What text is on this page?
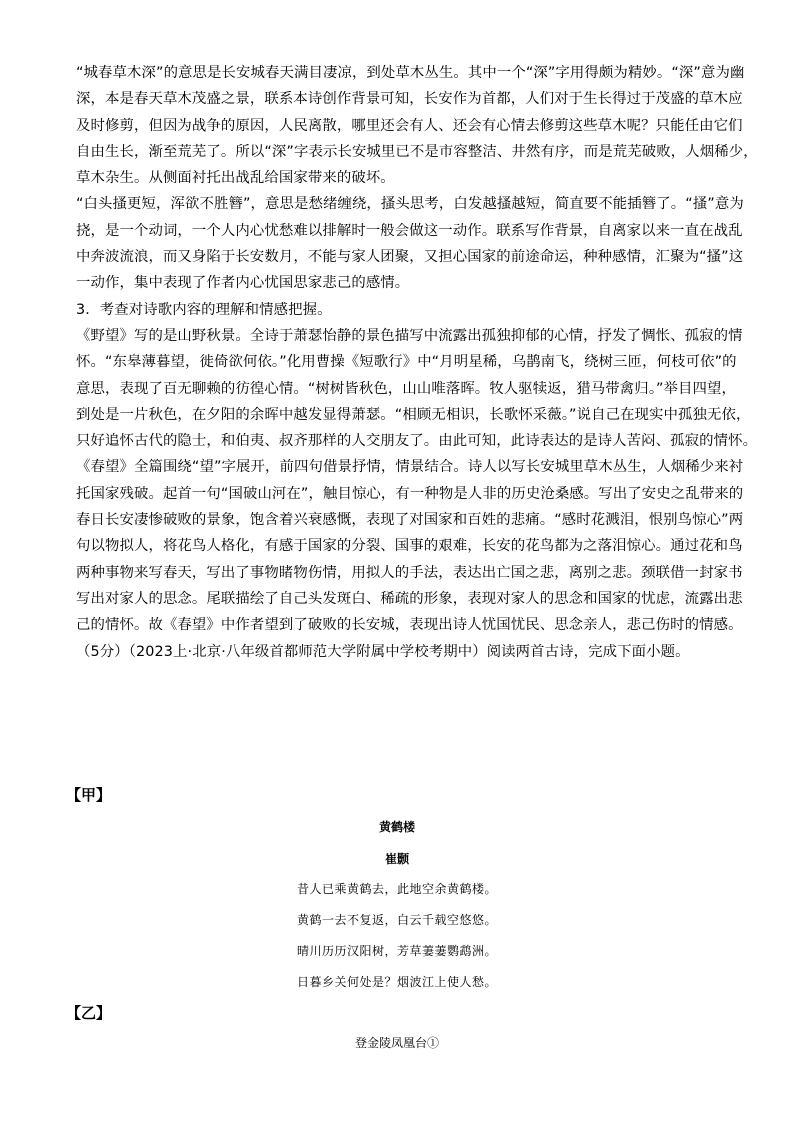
“城春草木深”的意思是长安城春天满目凄凉，到处草木丛生。其中一个“深”字用得颇为精妙。“深”意为幽
深，本是春天草木茂盛之景，联系本诗创作背景可知，长安作为首都，人们对于生长得过于茂盛的草木应
及时修剪，但因为战争的原因，人民离散，哪里还会有人、还会有心情去修剪这些草木呢？只能任由它们
自由生长，渐至荒芜了。所以“深”字表示长安城里已不是市容整洁、井然有序，而是荒芜破败，人烟稀少，
草木杂生。从侧面衬托出战乱给国家带来的破坏。
“白头搔更短，浑欲不胜簪”，意思是愁绪缠绕，搔头思考，白发越搔越短，简直要不能插簪了。“搔”意为
挠，是一个动词，一个人内心忧愁难以排解时一般会做这一动作。联系写作背景，自离家以来一直在战乱
中奔波流浪，而又身陷于长安数月，不能与家人团聚，又担心国家的前途命运，种种感情，汇聚为“搔”这
一动作，集中表现了作者内心忧国思家悲己的感情。
3．考查对诗歌内容的理解和情感把握。
《野望》写的是山野秋景。全诗于萧瑟怡静的景色描写中流露出孤独抑郁的心情，抒发了惆怅、孤寂的情
怀。“东皋薄暮望，徙倚欲何依。”化用曹操《短歌行》中“月明星稀，乌鹊南飞，绕树三匝，何枝可依”的
意思，表现了百无聊赖的彷徨心情。“树树皆秋色，山山唯落晖。牧人驱犊返，猎马带禽归。”举目四望，
到处是一片秋色，在夕阳的余晖中越发显得萧瑟。“相顾无相识，长歌怀采薇。”说自己在现实中孤独无依，
只好追怀古代的隐士，和伯夷、叔齐那样的人交朋友了。由此可知，此诗表达的是诗人苦闷、孤寂的情怀。
《春望》全篇围绕“望”字展开，前四句借景抒情，情景结合。诗人以写长安城里草木丛生，人烟稀少来衬
托国家残破。起首一句“国破山河在”，触目惊心，有一种物是人非的历史沧桑感。写出了安史之乱带来的
春日长安凄惨破败的景象，饱含着兴衰感慨，表现了对国家和百姓的悲痛。“感时花溅泪，恨别鸟惊心”两
句以物拟人，将花鸟人格化，有感于国家的分裂、国事的艰难，长安的花鸟都为之落泪惊心。通过花和鸟
两种事物来写春天，写出了事物睹物伤情，用拟人的手法，表达出亡国之悲，离别之悲。颈联借一封家书
写出对家人的思念。尾联描绘了自己头发斑白、稀疏的形象，表现对家人的思念和国家的忧虑，流露出悲
己的情怀。故《春望》中作者望到了破败的长安城，表现出诗人忧国忧民、思念亲人，悲己伤时的情感。
（5分）（2023上·北京·八年级首都师范大学附属中学校考期中）阅读两首古诗，完成下面小题。
【甲】
黄鹤楼
崔颢
昔人已乘黄鹤去，此地空余黄鹤楼。
黄鹤一去不复返，白云千载空悠悠。
晴川历历汉阳树，芳草萋萋鹦鹉洲。
日暮乡关何处是？烟波江上使人愁。
【乙】
登金陵凤凰台①
